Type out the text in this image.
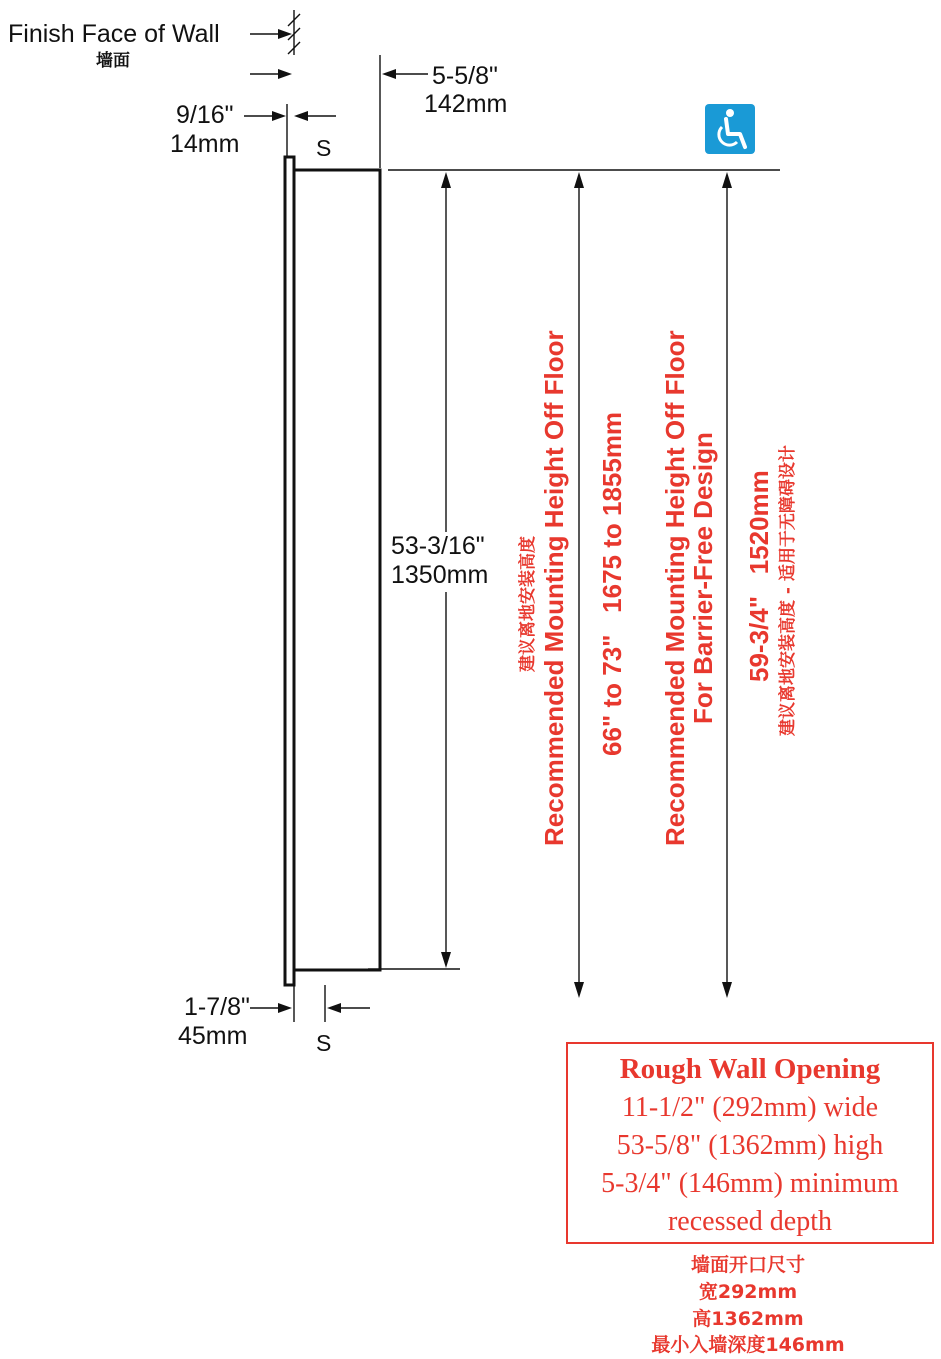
Finish Face of Wall
墙面
5-5/8"
142mm
9/16"
14mm	S
53-3/16"
1350mm 建议离地安装高度 Recommended Mounting Height Off Floor 66" to 73"   1675 to 1855mm Recommended Mounting Height Off Floor
For Barrier-Free Design 59-3/4"   1520mm 建议离地安装高度 - 适用于无障碍设计
1-7/8"
45mm	S
Rough Wall Opening
11-1/2" (292mm) wide
53-5/8" (1362mm) high
5-3/4" (146mm) minimum
recessed depth
墙面开口尺寸
宽292mm
高1362mm
最小入墙深度146mm
